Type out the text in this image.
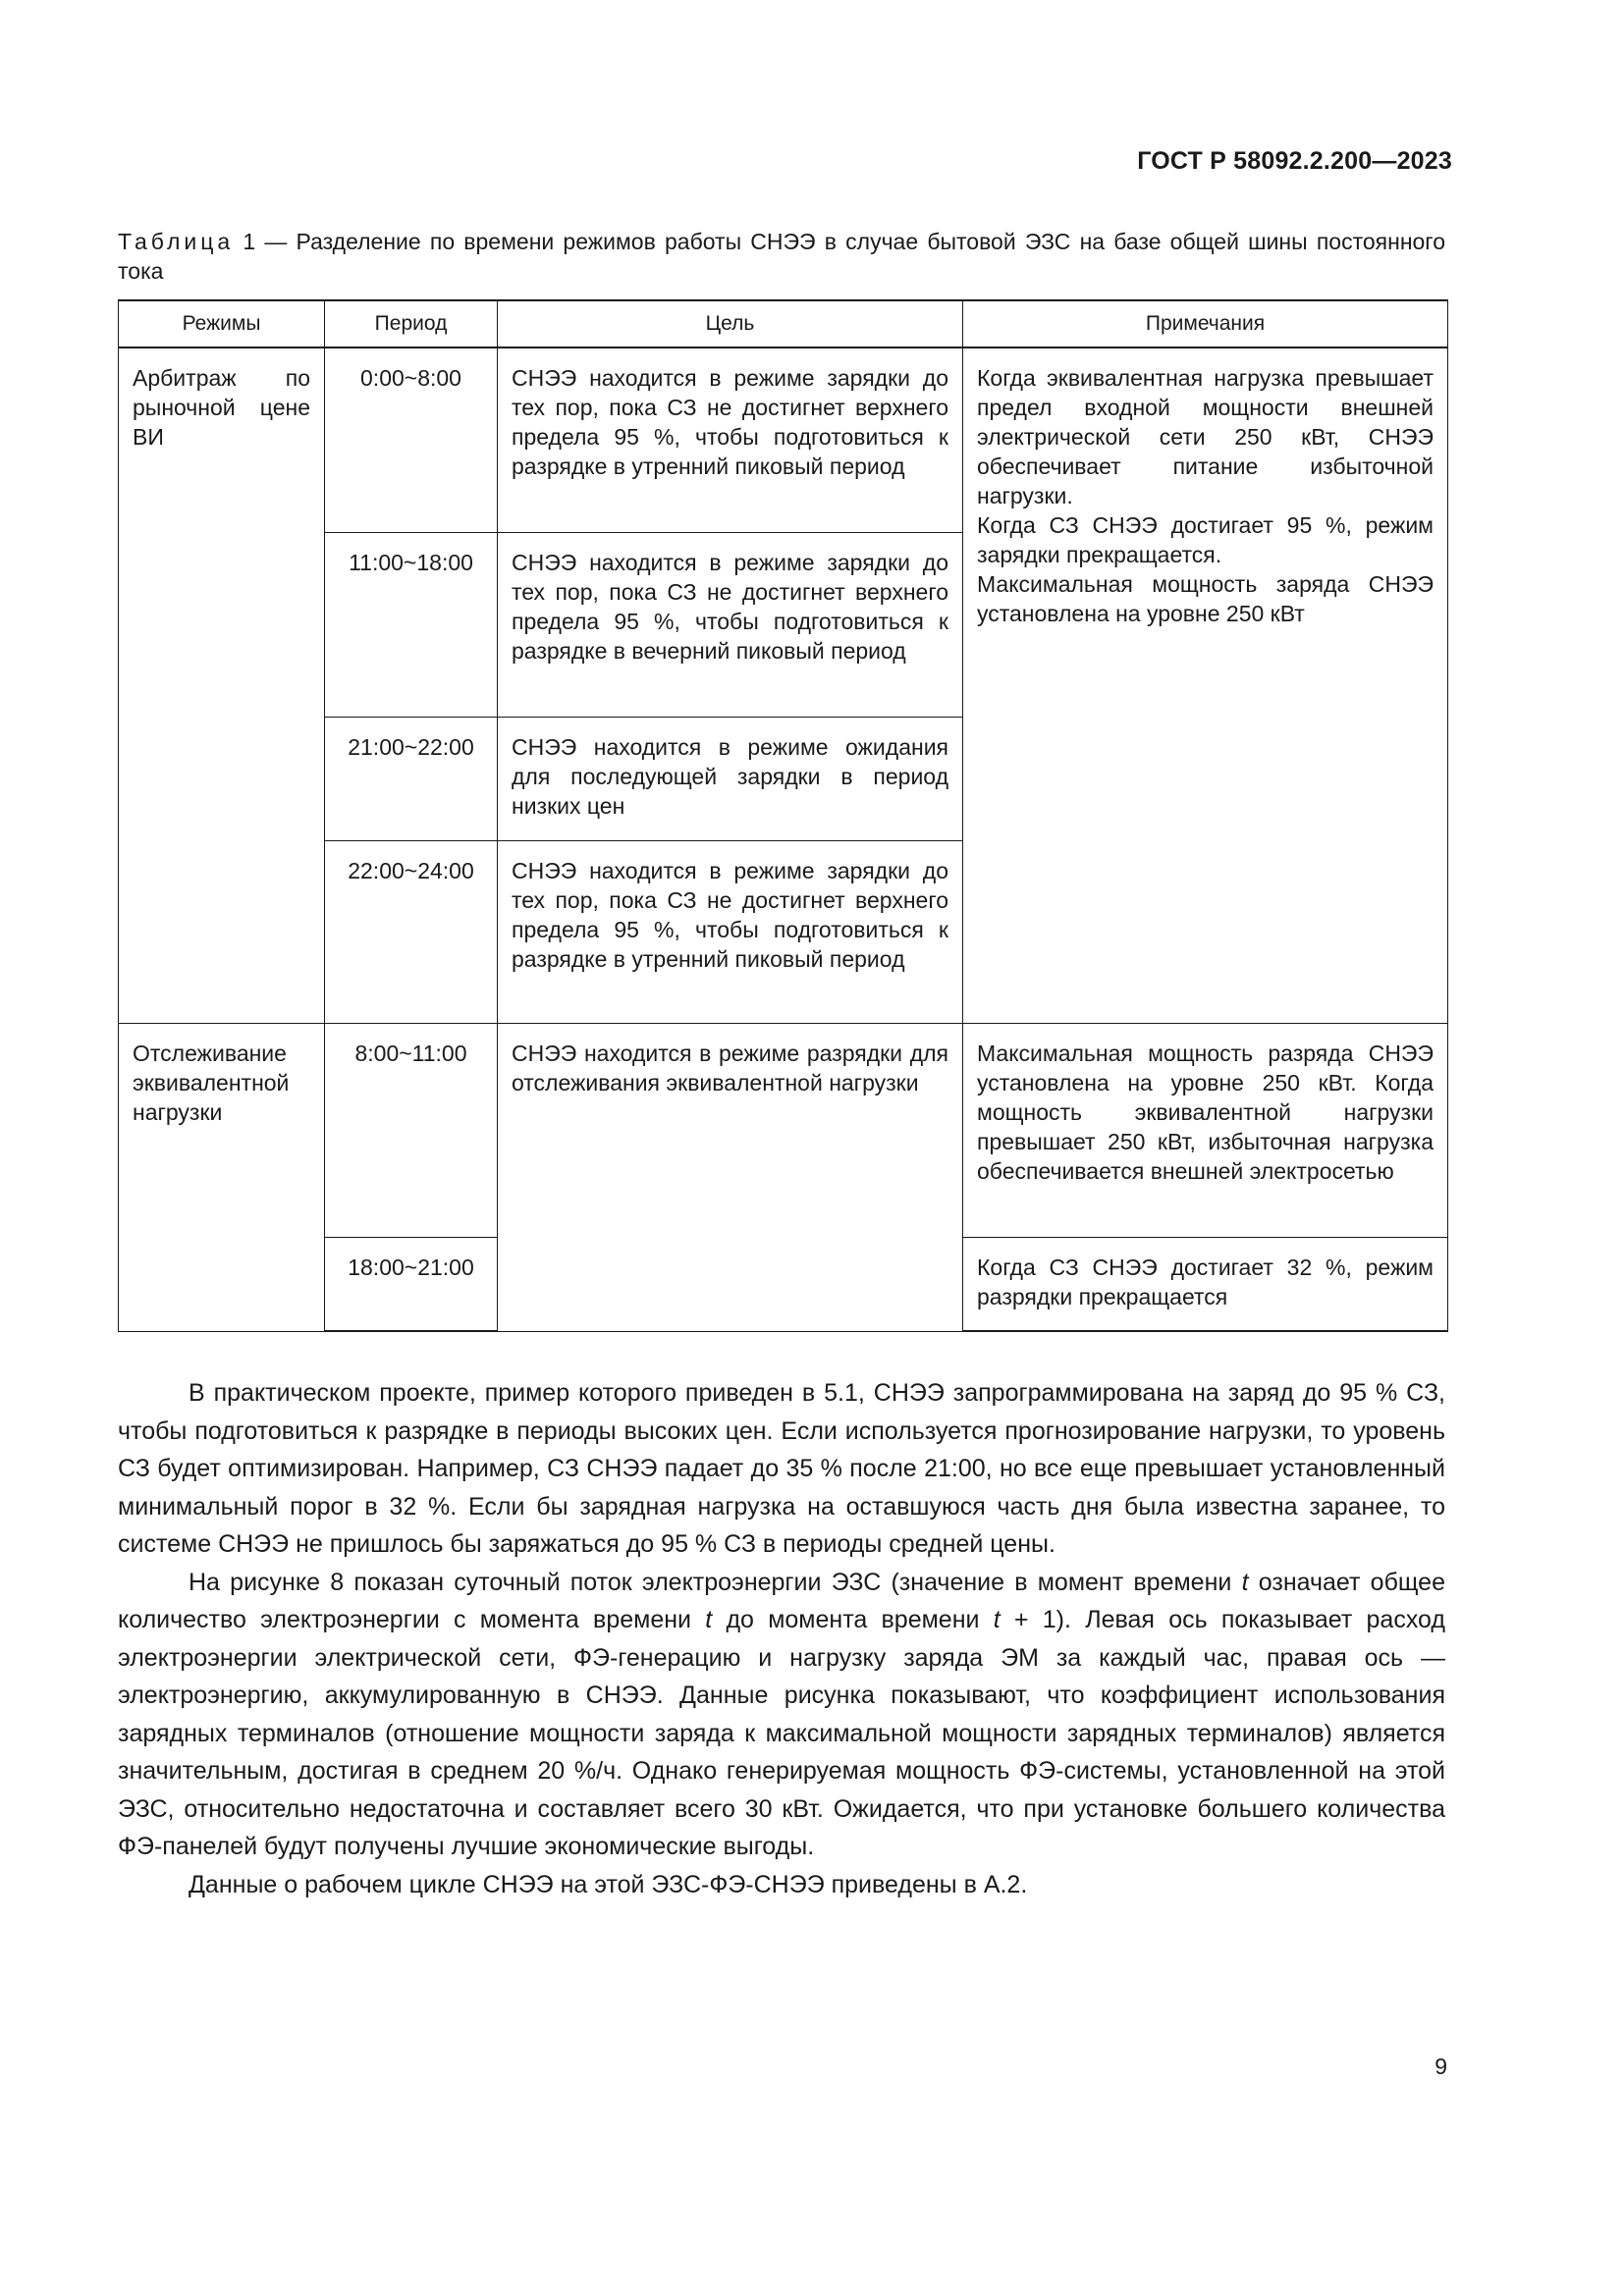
ГОСТ Р 58092.2.200—2023
Таблица 1 — Разделение по времени режимов работы СНЭЭ в случае бытовой ЭЗС на базе общей шины постоянного тока
Режимы	Период	Цель	Примечания
Арбитраж по рыночной цене ВИ	0:00~8:00	СНЭЭ находится в режиме зарядки до тех пор, пока СЗ не достигнет верхнего предела 95 %, чтобы подготовиться к разрядке в утренний пиковый период	Когда эквивалентная нагрузка превышает предел входной мощности внешней электрической сети 250 кВт, СНЭЭ обеспечивает питание избыточной нагрузки.
Когда СЗ СНЭЭ достигает 95 %, режим зарядки прекращается.
Максимальная мощность заряда СНЭЭ установлена на уровне 250 кВт

	11:00~18:00	СНЭЭ находится в режиме зарядки до тех пор, пока СЗ не достигнет верхнего предела 95 %, чтобы подготовиться к разрядке в вечерний пиковый период	
	21:00~22:00	СНЭЭ находится в режиме ожидания для последующей зарядки в период низких цен	
	22:00~24:00	СНЭЭ находится в режиме зарядки до тех пор, пока СЗ не достигнет верхнего предела 95 %, чтобы подготовиться к разрядке в утренний пиковый период	
Отслеживание эквивалентной нагрузки	8:00~11:00	СНЭЭ находится в режиме разрядки для отслеживания эквивалентной нагрузки	Максимальная мощность разряда СНЭЭ установлена на уровне 250 кВт. Когда мощность эквивалентной нагрузки превышает 250 кВт, избыточная нагрузка обеспечивается внешней электросетью
	18:00~21:00		Когда СЗ СНЭЭ достигает 32 %, режим разрядки прекращается

В практическом проекте, пример которого приведен в 5.1, СНЭЭ запрограммирована на заряд до 95 % СЗ, чтобы подготовиться к разрядке в периоды высоких цен. Если используется прогнозирование нагрузки, то уровень СЗ будет оптимизирован. Например, СЗ СНЭЭ падает до 35 % после 21:00, но все еще превышает установленный минимальный порог в 32 %. Если бы зарядная нагрузка на оставшуюся часть дня была известна заранее, то системе СНЭЭ не пришлось бы заряжаться до 95 % СЗ в периоды средней цены.

На рисунке 8 показан суточный поток электроэнергии ЭЗС (значение в момент времени t означает общее количество электроэнергии с момента времени t до момента времени t + 1). Левая ось показывает расход электроэнергии электрической сети, ФЭ-генерацию и нагрузку заряда ЭМ за каждый час, правая ось — электроэнергию, аккумулированную в СНЭЭ. Данные рисунка показывают, что коэффициент использования зарядных терминалов (отношение мощности заряда к максимальной мощности зарядных терминалов) является значительным, достигая в среднем 20 %/ч. Однако генерируемая мощность ФЭ-системы, установленной на этой ЭЗС, относительно недостаточна и составляет всего 30 кВт. Ожидается, что при установке большего количества ФЭ-панелей будут получены лучшие экономические выгоды.

Данные о рабочем цикле СНЭЭ на этой ЭЗС-ФЭ-СНЭЭ приведены в А.2.

9
